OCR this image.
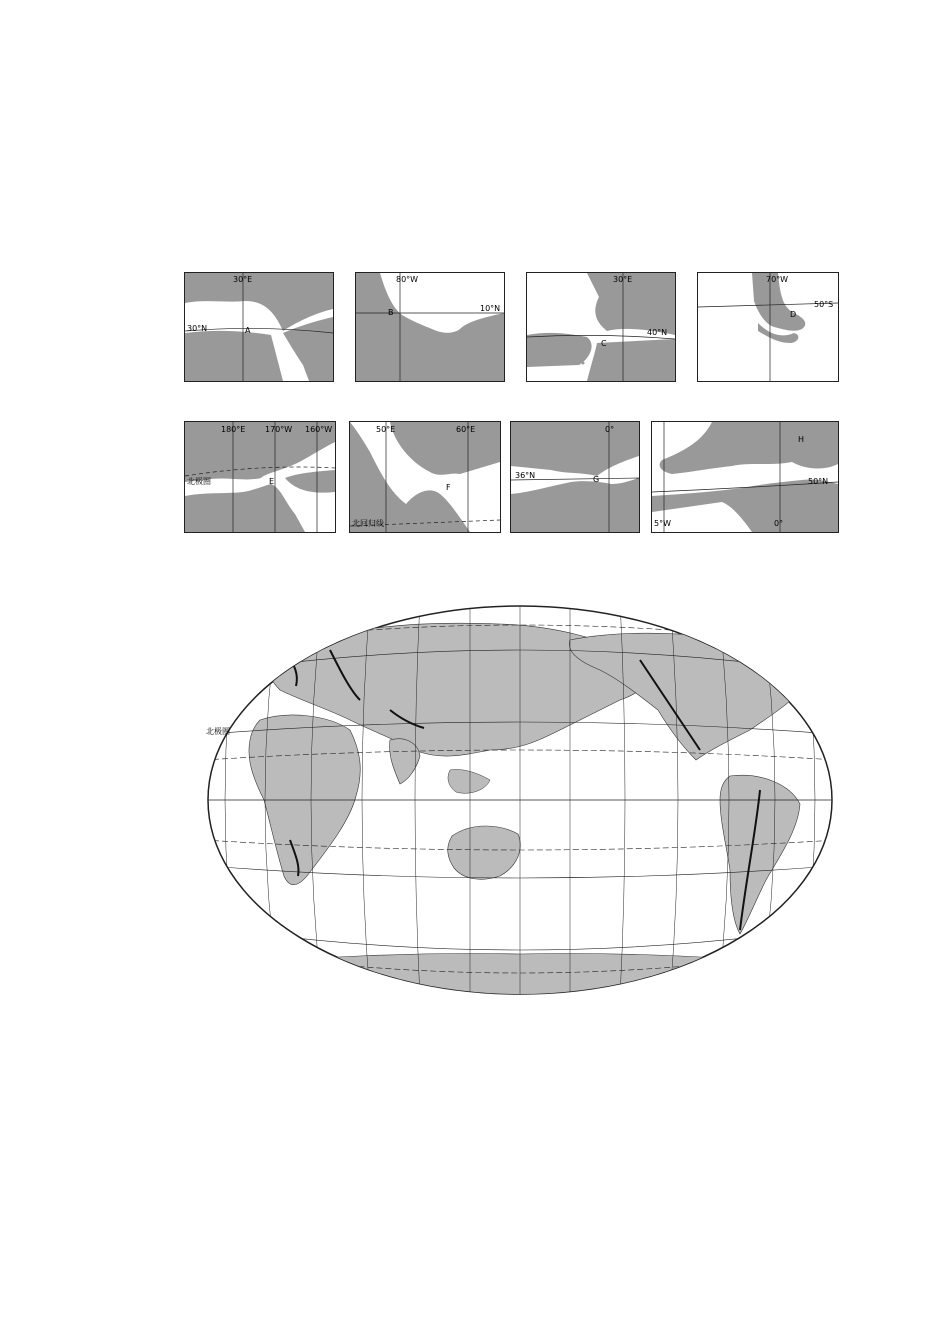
30°E
30°N	A
80°W
B	10°N
30°E
40°N
C
70°W
50°S
D
180°E 170°W 160°W
北极圈	E
50°E	60°E
F
北回归线
0°
36°N	G
H
50°N
5°W	0°
北极圈
